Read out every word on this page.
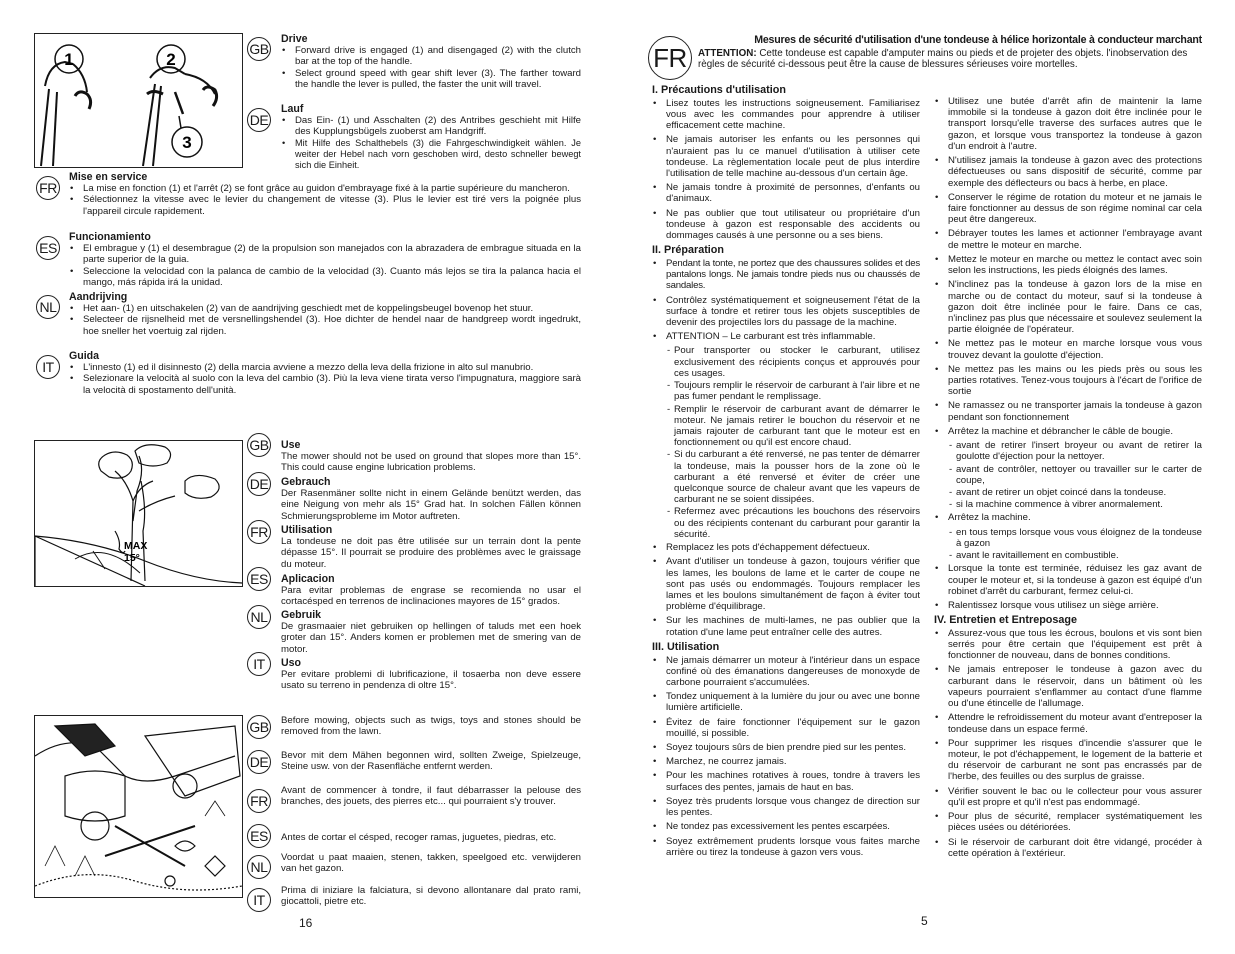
1	2
3
GB
Drive
• Forward drive is engaged (1) and disengaged (2) with the clutch bar at the top of the handle.
• Select ground speed with gear shift lever (3). The farther toward the handle the lever is pulled, the faster the unit will travel.
DE
Lauf
• Das Ein- (1) und Asschalten (2) des Antribes geschieht mit Hilfe des Kupplungsbügels zuoberst am Handgriff.
• Mit Hilfe des Schalthebels (3) die Fahrgeschwindigkeit wählen. Je weiter der Hebel nach vorn geschoben wird, desto schneller bewegt sich die Einheit.
FR
Mise en service
• La mise en fonction (1) et l'arrêt (2) se font grâce au guidon d'embrayage fixé à la partie supérieure du mancheron.
• Sélectionnez la vitesse avec le levier du changement de vitesse (3). Plus le levier est tiré vers la poignée plus l'appareil circule rapidement.
ES
Funcionamiento
• El embrague y (1) el desembrague (2) de la propulsion son manejados con la abrazadera de embrague situada en la parte superior de la guia.
• Seleccione la velocidad con la palanca de cambio de la velocidad (3). Cuanto más lejos se tira la palanca hacia el mango, más rápida irá la unidad.
NL
Aandrijving
• Het aan- (1) en uitschakelen (2) van de aandrijving geschiedt met de koppelingsbeugel bovenop het stuur.
• Selecteer de rijsnelheid met de versnellingshendel (3). Hoe dichter de hendel naar de handgreep wordt ingedrukt, hoe sneller het voertuig zal rijden.
IT
Guida
• L'innesto (1) ed il disinnesto (2) della marcia avviene a mezzo della leva della frizione in alto sul manubrio.
• Selezionare la velocità al suolo con la leva del cambio (3). Più la leva viene tirata verso l'impugnatura, maggiore sarà la velocità di spostamento dell'unità.
MAX
15°
GB Use
The mower should not be used on ground that slopes more than 15°. This could cause engine lubrication problems.
DE Gebrauch
Der Rasenmäner sollte nicht in einem Gelände benützt werden, das eine Neigung von mehr als 15° Grad hat. In solchen Fällen können Schmierungsprobleme im Motor auftreten.
FR Utilisation
La tondeuse ne doit pas être utilisée sur un terrain dont la pente dépasse 15°. Il pourrait se produire des problèmes avec le graissage du moteur.
ES Aplicacion
Para evitar problemas de engrase se recomienda no usar el cortacésped en terrenos de inclinaciones mayores de 15° grados.
NL	Gebruik
De grasmaaier niet gebruiken op hellingen of taluds met een hoek groter dan 15°. Anders komen er problemen met de smering van de motor.
IT	Uso
Per evitare problemi di lubrificazione, il tosaerba non deve essere usato su terreno in pendenza di oltre 15°.
GB Before mowing, objects such as twigs, toys and stones should be removed from the lawn.
DE Bevor mit dem Mähen begonnen wird, sollten Zweige, Spielzeuge, Steine usw. von der Rasenfläche entfernt werden.
FR
Avant de commencer à tondre, il faut débarrasser la pelouse des branches, des jouets, des pierres etc... qui pourraient s'y trouver.
ES	Antes de cortar el césped, recoger ramas, juguetes, piedras, etc.
NL
Voordat u paat maaien, stenen, takken, speelgoed etc. verwijderen van het gazon.
IT
Prima di iniziare la falciatura, si devono allontanare dal prato rami, giocattoli, pietre etc.
16
FR
Mesures de sécurité d'utilisation d'une tondeuse à hélice horizontale à conducteur marchant
ATTENTION: Cette tondeuse est capable d'amputer mains ou pieds et de projeter des objets. l'inobservation des règles de sécurité ci-dessous peut être la cause de blessures sérieuses voire mortelles.
I. Précautions d'utilisation
• Lisez toutes les instructions soigneusement. Familiarisez vous avec les commandes pour apprendre à utiliser efficacement cette machine.
• Ne jamais autoriser les enfants ou les personnes qui n'auraient pas lu ce manuel d'utilisation à utiliser cete tondeuse. La règlementation locale peut de plus interdire l'utilisation de telle machine au-dessous d'un certain âge.
• Ne jamais tondre à proximité de personnes, d'enfants ou d'animaux.
• Ne pas oublier que tout utilisateur ou propriétaire d'un tondeuse à gazon est responsable des accidents ou dommages causés à une personne ou a ses biens.
II. Préparation
• Pendant la tonte, ne portez que des chaussures solides et des pantalons longs. Ne jamais tondre pieds nus ou chaussés de sandales.
• Contrôlez systématiquement et soigneusement l'état de la surface à tondre et retirer tous les objets susceptibles de devenir des projectiles lors du passage de la machine.
• ATTENTION – Le carburant est très inflammable.
- Pour transporter ou stocker le carburant, utilisez exclusivement des récipients conçus et approuvés pour ces usages.
- Toujours remplir le réservoir de carburant à l'air libre et ne pas fumer pendant le remplissage.
- Remplir le réservoir de carburant avant de démarrer le moteur. Ne jamais retirer le bouchon du réservoir et ne jamais rajouter de carburant tant que le moteur est en fonctionnement ou qu'il est encore chaud.
- Si du carburant a été renversé, ne pas tenter de démarrer la tondeuse, mais la pousser hors de la zone où le carburant a été renversé et éviter de créer une quelconque source de chaleur avant que les vapeurs de carburant ne se soient dissipées.
- Refermez avec précautions les bouchons des réservoirs ou des récipients contenant du carburant pour garantir la sécurité.
• Remplacez les pots d'échappement défectueux.
• Avant d'utiliser un tondeuse à gazon, toujours vérifier que les lames, les boulons de lame et le carter de coupe ne sont pas usés ou endommagés. Toujours remplacer les lames et les boulons simultanément de façon à éviter tout problème d'équilibrage.
• Sur les machines de multi-lames, ne pas oublier que la rotation d'une lame peut entraîner celle des autres.
III. Utilisation
• Ne jamais démarrer un moteur à l'intérieur dans un espace confiné où des émanations dangereuses de monoxyde de carbone pourraient s'accumulées.
• Tondez uniquement à la lumière du jour ou avec une bonne lumière artificielle.
• Évitez de faire fonctionner l'équipement sur le gazon mouillé, si possible.
• Soyez toujours sûrs de bien prendre pied sur les pentes.
• Marchez, ne courrez jamais.
• Pour les machines rotatives à roues, tondre à travers les surfaces des pentes, jamais de haut en bas.
• Soyez très prudents lorsque vous changez de direction sur les pentes.
• Ne tondez pas excessivement les pentes escarpées.
• Soyez extrêmement prudents lorsque vous faites marche arrière ou tirez la tondeuse à gazon vers vous.
• Utilisez une butée d'arrêt afin de maintenir la lame immobile si la tondeuse à gazon doit être inclinée pour le transport lorsqu'elle traverse des surfaces autres que le gazon, et lorsque vous transportez la tondeuse à gazon d'un endroit à l'autre.
• N'utilisez jamais la tondeuse à gazon avec des protections défectueuses ou sans dispositif de sécurité, comme par exemple des déflecteurs ou bacs à herbe, en place.
• Conserver le régime de rotation du moteur et ne jamais le faire fonctionner au dessus de son régime nominal car cela peut être dangereux.
• Débrayer toutes les lames et actionner l'embrayage avant de mettre le moteur en marche.
• Mettez le moteur en marche ou mettez le contact avec soin selon les instructions, les pieds éloignés des lames.
• N'inclinez pas la tondeuse à gazon lors de la mise en marche ou de contact du moteur, sauf si la tondeuse à gazon doit être inclinée pour le faire. Dans ce cas, n'inclinez pas plus que nécessaire et soulevez seulement la partie éloignée de l'opérateur.
• Ne mettez pas le moteur en marche lorsque vous vous trouvez devant la goulotte d'éjection.
• Ne mettez pas les mains ou les pieds près ou sous les parties rotatives. Tenez-vous toujours à l'écart de l'orifice de sortie
• Ne ramassez ou ne transporter jamais la tondeuse à gazon pendant son fonctionnement
• Arrêtez la machine et débrancher le câble de bougie.
- avant de retirer l'insert broyeur ou avant de retirer la goulotte d'éjection pour la nettoyer.
- avant de contrôler, nettoyer ou travailler sur le carter de coupe,
- avant de retirer un objet coincé dans la tondeuse.
- si la machine commence à vibrer anormalement.
• Arrêtez la machine.
- en tous temps lorsque vous vous éloignez de la tondeuse à gazon
- avant le ravitaillement en combustible.
• Lorsque la tonte est terminée, réduisez les gaz avant de couper le moteur et, si la tondeuse à gazon est équipé d'un robinet d'arrêt du carburant, fermez celui-ci.
• Ralentissez lorsque vous utilisez un siège arrière.
IV. Entretien et Entreposage
• Assurez-vous que tous les écrous, boulons et vis sont bien serrés pour être certain que l'équipement est prêt à fonctionner de nouveau, dans de bonnes conditions.
• Ne jamais entreposer le tondeuse à gazon avec du carburant dans le réservoir, dans un bâtiment où les vapeurs pourraient s'enflammer au contact d'une flamme ou d'une étincelle de l'allumage.
• Attendre le refroidissement du moteur avant d'entreposer la tondeuse dans un espace fermé.
• Pour supprimer les risques d'incendie s'assurer que le moteur, le pot d'échappement, le logement de la batterie et du réservoir de carburant ne sont pas encrassés par de l'herbe, des feuilles ou des surplus de graisse.
• Vérifier souvent le bac ou le collecteur pour vous assurer qu'il est propre et qu'il n'est pas endommagé.
• Pour plus de sécurité, remplacer systématiquement les pièces usées ou détériorées.
• Si le réservoir de carburant doit être vidangé, procéder à cette opération à l'extérieur.
5
